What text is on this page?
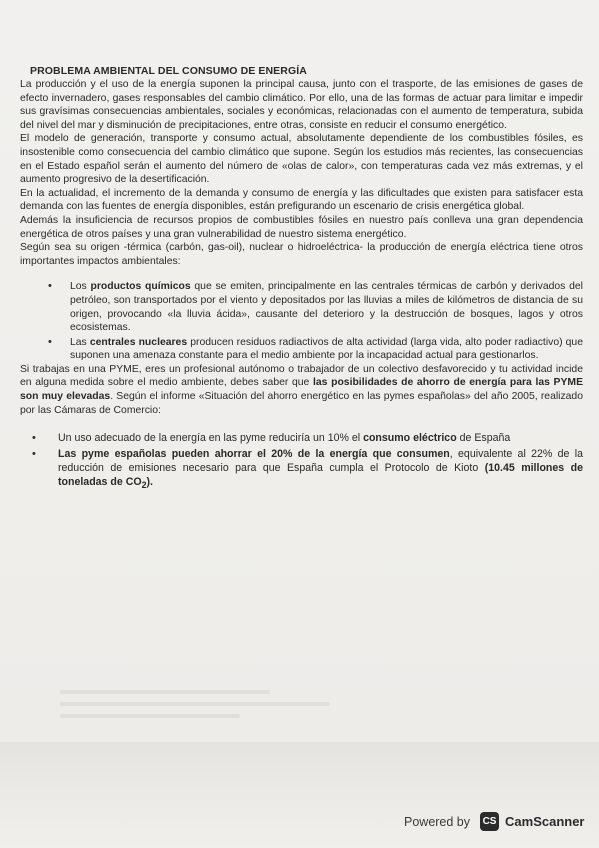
PROBLEMA AMBIENTAL DEL CONSUMO DE ENERGÍA

La producción y el uso de la energía suponen la principal causa, junto con el trasporte, de las emisiones de gases de efecto invernadero, gases responsables del cambio climático. Por ello, una de las formas de actuar para limitar e impedir sus gravísimas consecuencias ambientales, sociales y económicas, relacionadas con el aumento de temperatura, subida del nivel del mar y disminución de precipitaciones, entre otras, consiste en reducir el consumo energético.

El modelo de generación, transporte y consumo actual, absolutamente dependiente de los combustibles fósiles, es insostenible como consecuencia del cambio climático que supone. Según los estudios más recientes, las consecuencias en el Estado español serán el aumento del número de «olas de calor», con temperaturas cada vez más extremas, y el aumento progresivo de la desertificación.

En la actualidad, el incremento de la demanda y consumo de energía y las dificultades que existen para satisfacer esta demanda con las fuentes de energía disponibles, están prefigurando un escenario de crisis energética global.

Además la insuficiencia de recursos propios de combustibles fósiles en nuestro país conlleva una gran dependencia energética de otros países y una gran vulnerabilidad de nuestro sistema energético.

Según sea su origen -térmica (carbón, gas-oil), nuclear o hidroeléctrica- la producción de energía eléctrica tiene otros importantes impactos ambientales:

• Los productos químicos que se emiten, principalmente en las centrales térmicas de carbón y derivados del petróleo, son transportados por el viento y depositados por las lluvias a miles de kilómetros de distancia de su origen, provocando «la lluvia ácida», causante del deterioro y la destrucción de bosques, lagos y otros ecosistemas.
• Las centrales nucleares producen residuos radiactivos de alta actividad (larga vida, alto poder radiactivo) que suponen una amenaza constante para el medio ambiente por la incapacidad actual para gestionarlos.

Si trabajas en una PYME, eres un profesional autónomo o trabajador de un colectivo desfavorecido y tu actividad incide en alguna medida sobre el medio ambiente, debes saber que las posibilidades de ahorro de energía para las PYME son muy elevadas. Según el informe «Situación del ahorro energético en las pymes españolas» del año 2005, realizado por las Cámaras de Comercio:

• Un uso adecuado de la energía en las pyme reduciría un 10% el consumo eléctrico de España
• Las pyme españolas pueden ahorrar el 20% de la energía que consumen, equivalente al 22% de la reducción de emisiones necesario para que España cumpla el Protocolo de Kioto (10.45 millones de toneladas de $CO_2$).
Powered by CS CamScanner
